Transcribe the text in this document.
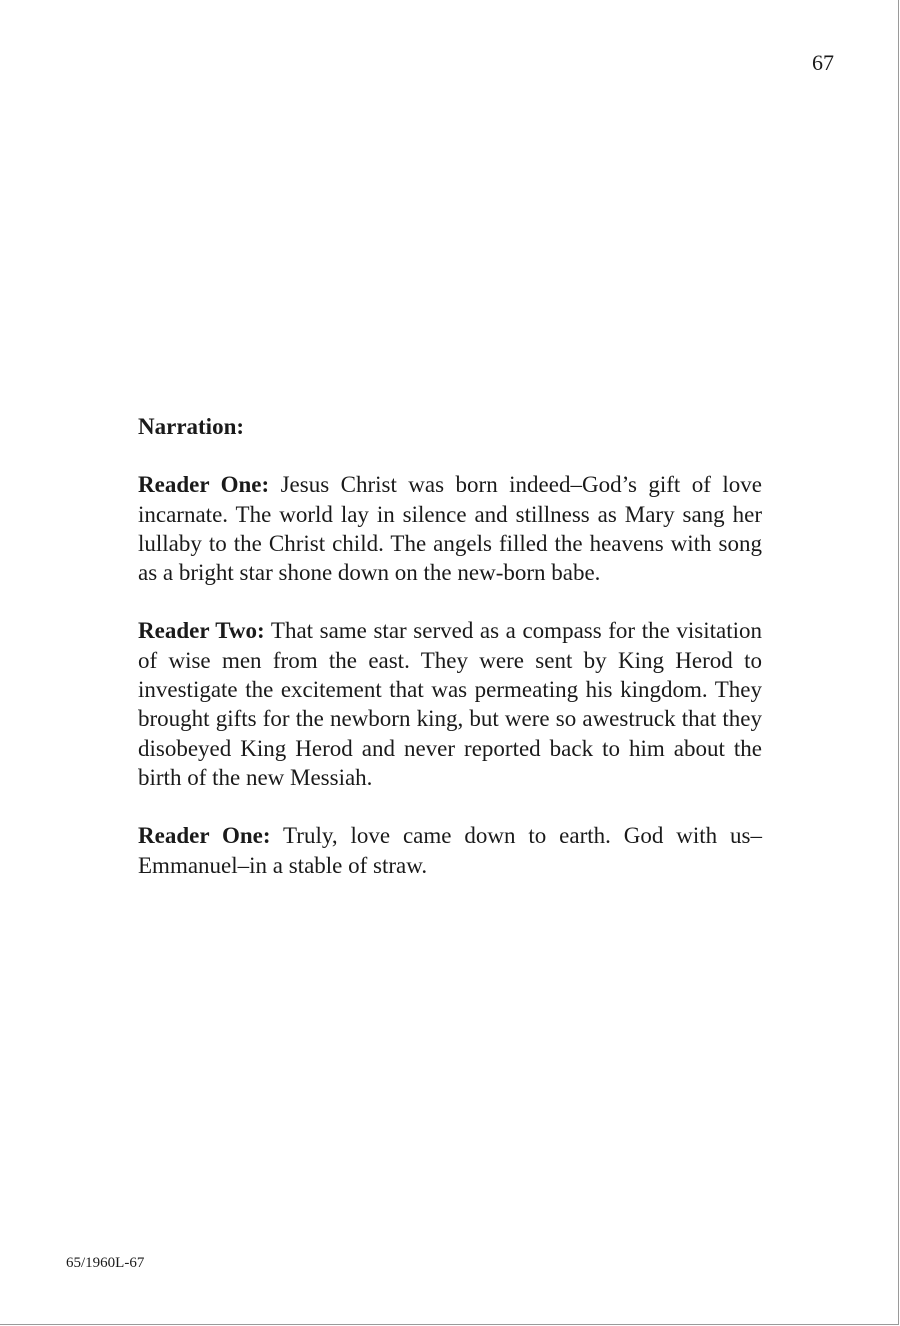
67

Narration:

Reader One: Jesus Christ was born indeed–God’s gift of love incarnate. The world lay in silence and stillness as Mary sang her lullaby to the Christ child. The angels filled the heavens with song as a bright star shone down on the new-born babe.

Reader Two: That same star served as a compass for the visitation of wise men from the east. They were sent by King Herod to investigate the excitement that was permeating his kingdom. They brought gifts for the newborn king, but were so awestruck that they disobeyed King Herod and never reported back to him about the birth of the new Messiah.

Reader One: Truly, love came down to earth. God with us–Emmanuel–in a stable of straw.

65/1960L-67
